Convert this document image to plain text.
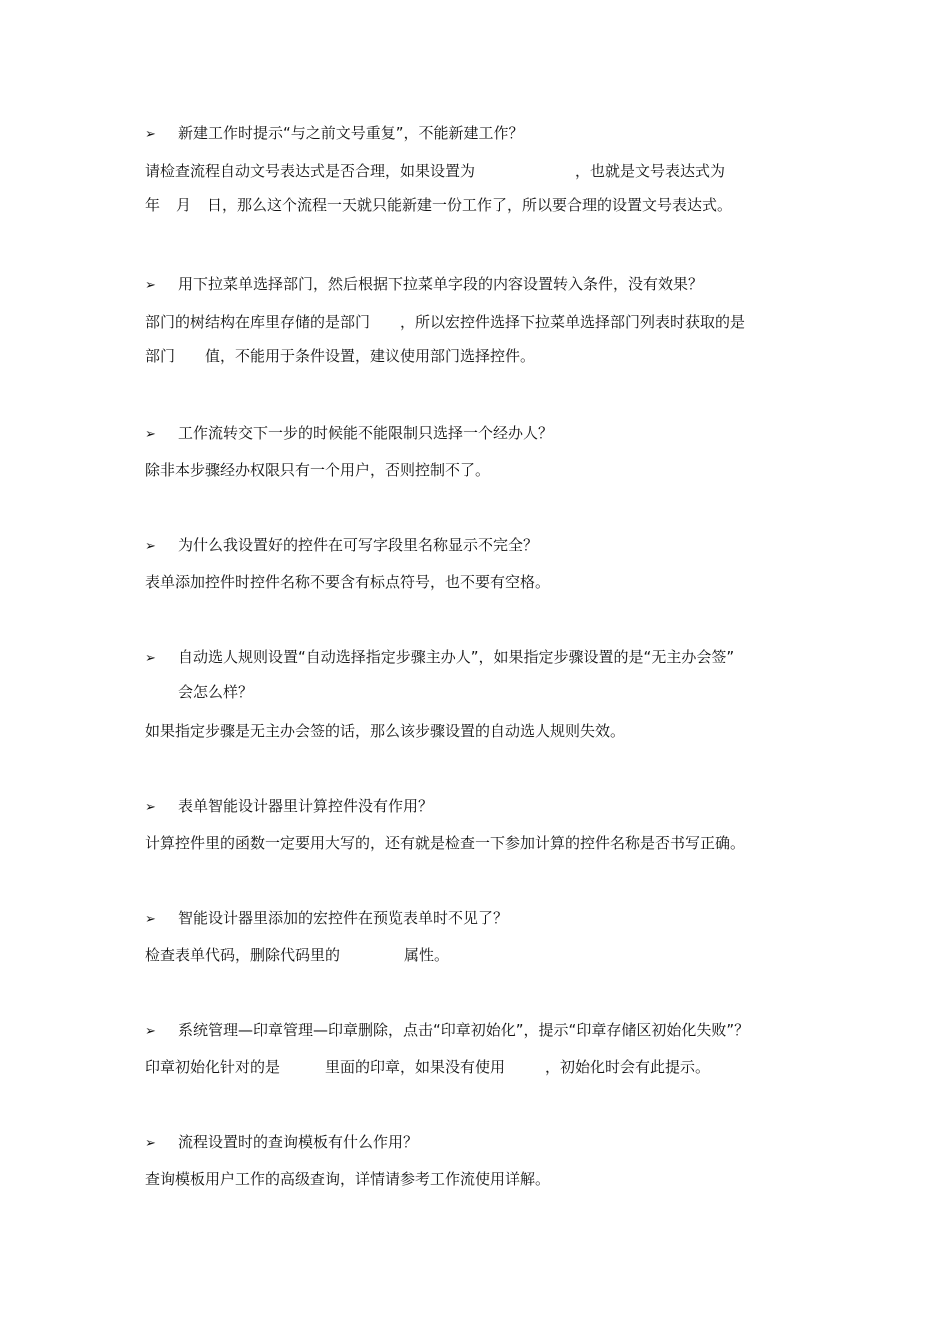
➢ 新建工作时提示“与之前文号重复”，不能新建工作？
请检查流程自动文号表达式是否合理，如果设置为	，也就是文号表达式为
年 月 日，那么这个流程一天就只能新建一份工作了，所以要合理的设置文号表达式。
➢ 用下拉菜单选择部门，然后根据下拉菜单字段的内容设置转入条件，没有效果？
部门的树结构在库里存储的是部门 ，所以宏控件选择下拉菜单选择部门列表时获取的是
部门 值，不能用于条件设置，建议使用部门选择控件。
➢ 工作流转交下一步的时候能不能限制只选择一个经办人？
除非本步骤经办权限只有一个用户，否则控制不了。
➢ 为什么我设置好的控件在可写字段里名称显示不完全？
表单添加控件时控件名称不要含有标点符号，也不要有空格。
➢ 自动选人规则设置“自动选择指定步骤主办人”，如果指定步骤设置的是“无主办会签”
会怎么样？
如果指定步骤是无主办会签的话，那么该步骤设置的自动选人规则失效。
➢ 表单智能设计器里计算控件没有作用？
计算控件里的函数一定要用大写的，还有就是检查一下参加计算的控件名称是否书写正确。
➢ 智能设计器里添加的宏控件在预览表单时不见了？
检查表单代码，删除代码里的	属性。
➢ 系统管理—印章管理—印章删除，点击“印章初始化”，提示“印章存储区初始化失败”？
印章初始化针对的是	里面的印章，如果没有使用	，初始化时会有此提示。
➢ 流程设置时的查询模板有什么作用？
查询模板用户工作的高级查询，详情请参考工作流使用详解。
